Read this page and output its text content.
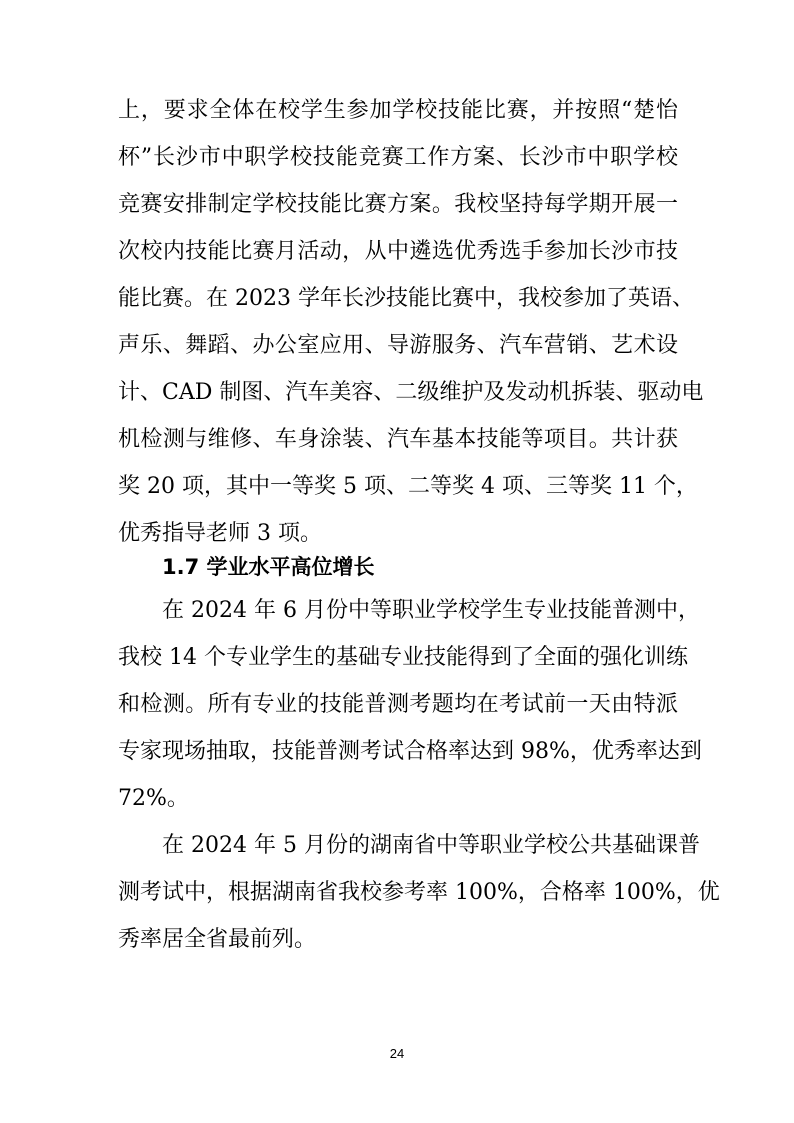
上，要求全体在校学生参加学校技能比赛，并按照“楚怡
杯”长沙市中职学校技能竞赛工作方案、长沙市中职学校
竞赛安排制定学校技能比赛方案。我校坚持每学期开展一
次校内技能比赛月活动，从中遴选优秀选手参加长沙市技
能比赛。在 2023 学年长沙技能比赛中，我校参加了英语、
声乐、舞蹈、办公室应用、导游服务、汽车营销、艺术设
计、CAD 制图、汽车美容、二级维护及发动机拆装、驱动电
机检测与维修、车身涂装、汽车基本技能等项目。共计获
奖 20 项，其中一等奖 5 项、二等奖 4 项、三等奖 11 个，
优秀指导老师 3 项。
1.7 学业水平高位增长
在 2024 年 6 月份中等职业学校学生专业技能普测中，
我校 14 个专业学生的基础专业技能得到了全面的强化训练
和检测。所有专业的技能普测考题均在考试前一天由特派
专家现场抽取，技能普测考试合格率达到 98%，优秀率达到
72%。
在 2024 年 5 月份的湖南省中等职业学校公共基础课普
测考试中，根据湖南省我校参考率 100%，合格率 100%，优
秀率居全省最前列。
24
